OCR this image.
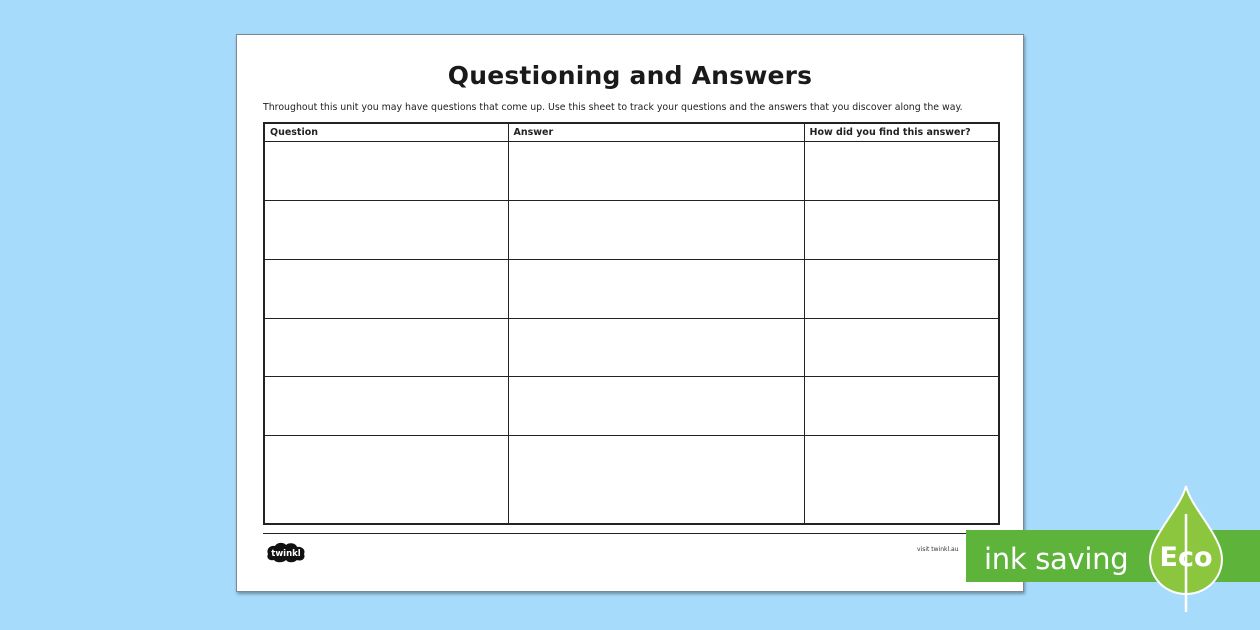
Questioning and Answers
Throughout this unit you may have questions that come up. Use this sheet to track your questions and the answers that you discover along the way.
Question	Answer	How did you find this answer?

twinkl	visit twinkl.au ink saving	Eco
